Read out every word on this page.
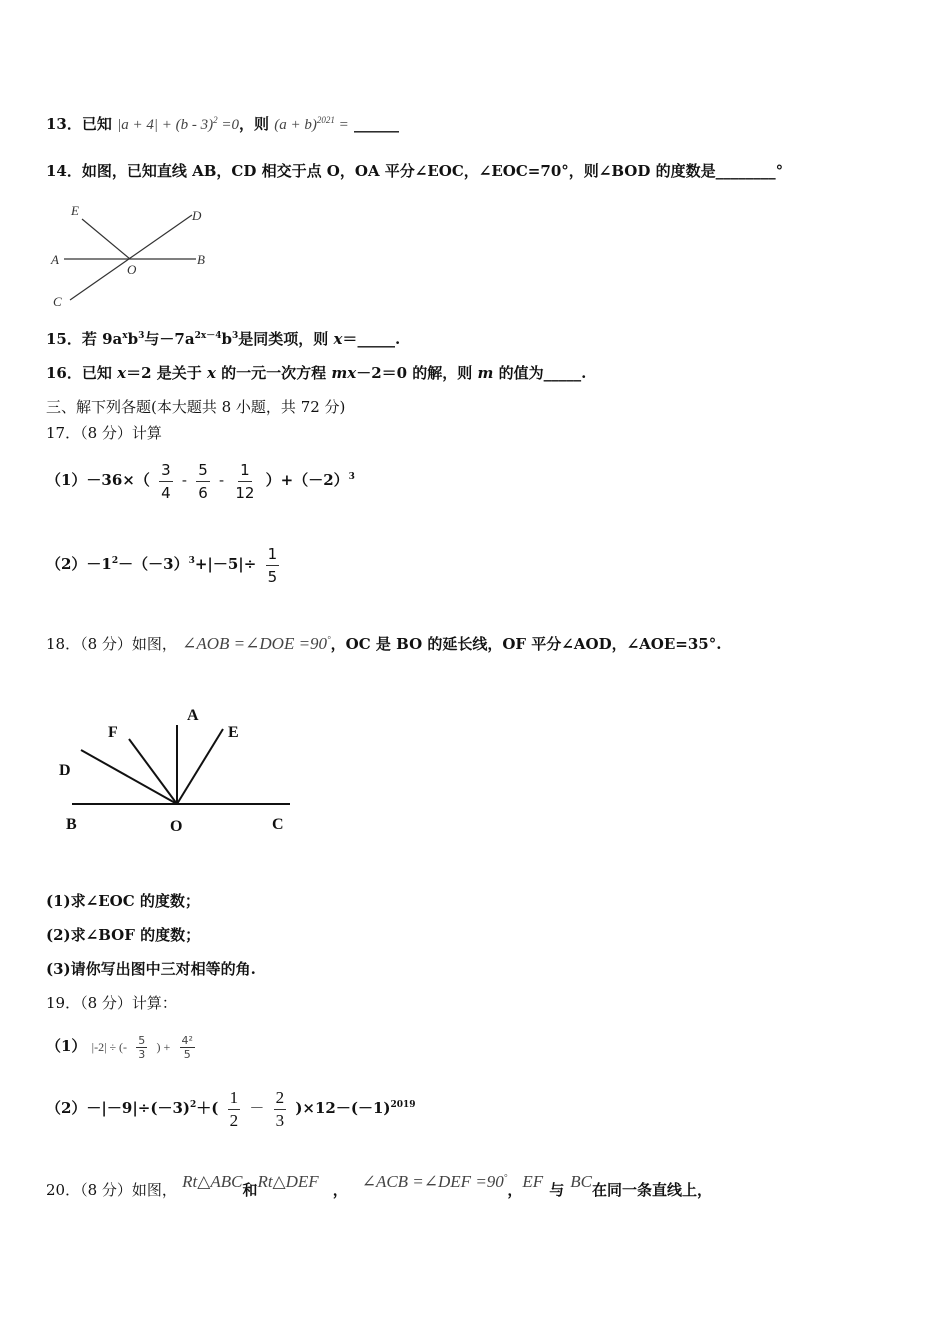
13．已知 |a + 4| + (b - 3)$^2$ =0，则 $(a + b)^{2021}$ = ______
14．如图，已知直线 AB，CD 相交于点 O，OA 平分∠EOC，∠EOC=70°，则∠BOD 的度数是________°
E	D
A
O
B
C
15．若 $9a^xb^3$与$-7a^{2x-4}b^3$是同类项，则 x＝_____.
16．已知 x＝2 是关于 x 的一元一次方程 mx－2＝0 的解，则 m 的值为_____.
三、解下列各题(本大题共 8 小题，共 72 分)
17．（8 分）计算
$(1)-36\times( \frac{3}{4} - \frac{5}{6} - \frac{1}{12} )+(-2)^3$
$(2)-1^2-(-3)^3+|-5|\div \frac{1}{5}$
18．（8 分）如图， ∠AOB =∠DOE =90°，OC 是 BO 的延长线，OF 平分∠AOD，∠AOE=35°.
A
F	E
D
B	O	C
(1)求∠EOC 的度数；
(2)求∠BOF 的度数；
(3)请你写出图中三对相等的角.
19．（8 分）计算：
（1） |-2| ÷ (- $\frac{5}{3}$ ) + $\frac{\text{4²}}{5}$
$(2)-|-9|\div(-3)^2+( \frac{1}{2} - \frac{2}{3} )\times 12-(-1)^{2019}$
20．（8 分）如图， Rt△ABC和Rt△DEF ， ∠ACB =∠DEF =90°，EF 与 BC在同一条直线上，
